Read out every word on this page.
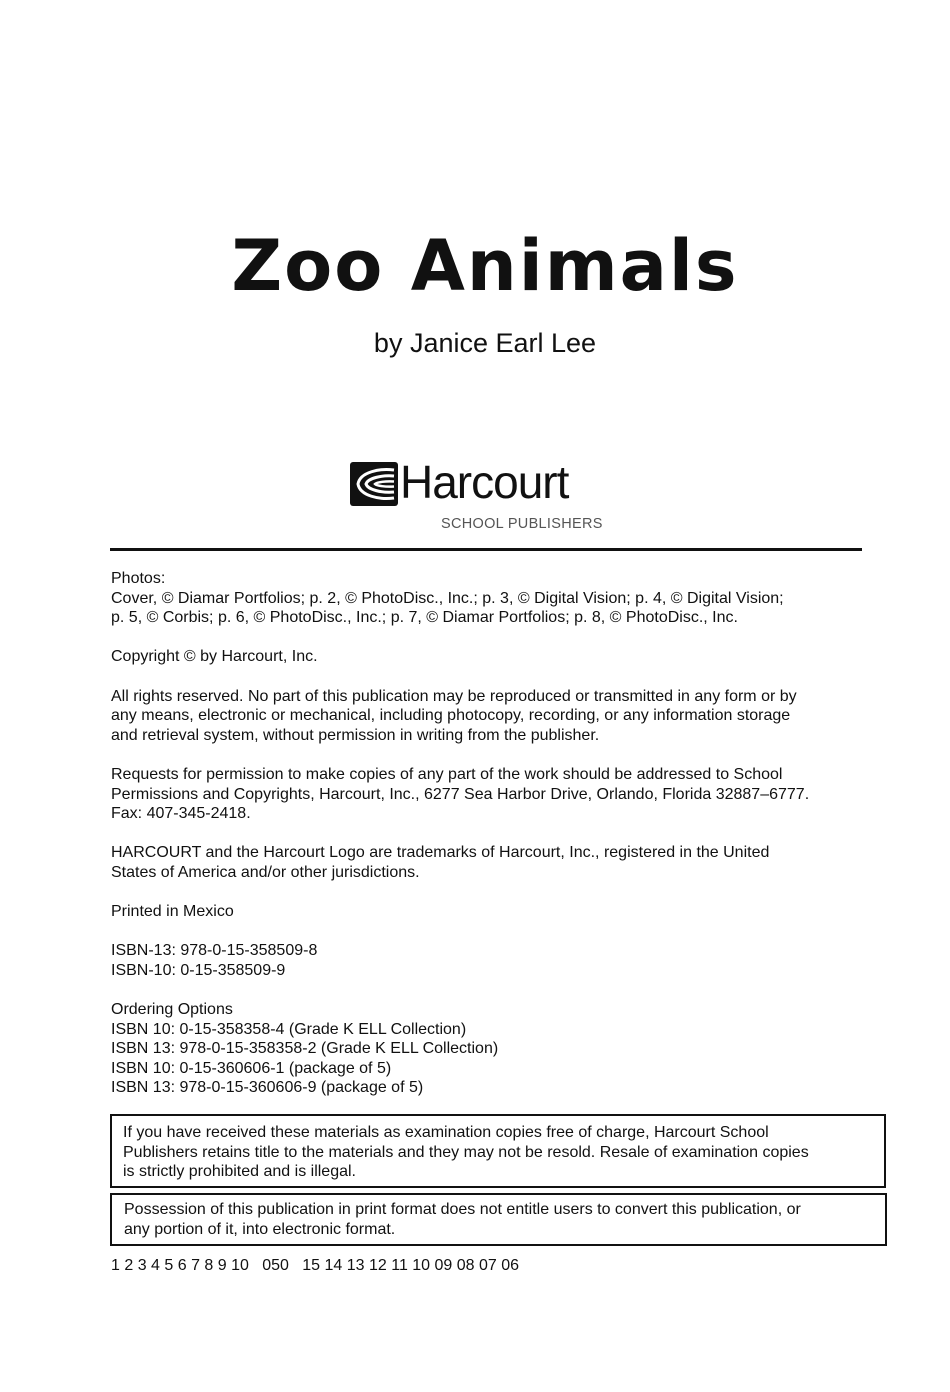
Zoo Animals
by Janice Earl Lee
Harcourt
SCHOOL PUBLISHERS

Photos:
Cover, © Diamar Portfolios; p. 2, © PhotoDisc., Inc.; p. 3, © Digital Vision; p. 4, © Digital Vision;
p. 5, © Corbis; p. 6, © PhotoDisc., Inc.; p. 7, © Diamar Portfolios; p. 8, © PhotoDisc., Inc.

Copyright © by Harcourt, Inc.

All rights reserved. No part of this publication may be reproduced or transmitted in any form or by
any means, electronic or mechanical, including photocopy, recording, or any information storage
and retrieval system, without permission in writing from the publisher.

Requests for permission to make copies of any part of the work should be addressed to School
Permissions and Copyrights, Harcourt, Inc., 6277 Sea Harbor Drive, Orlando, Florida 32887–6777.
Fax: 407-345-2418.

HARCOURT and the Harcourt Logo are trademarks of Harcourt, Inc., registered in the United
States of America and/or other jurisdictions.

Printed in Mexico

ISBN-13: 978-0-15-358509-8
ISBN-10: 0-15-358509-9

Ordering Options
ISBN 10: 0-15-358358-4 (Grade K ELL Collection)
ISBN 13: 978-0-15-358358-2 (Grade K ELL Collection)
ISBN 10: 0-15-360606-1 (package of 5)
ISBN 13: 978-0-15-360606-9 (package of 5)

If you have received these materials as examination copies free of charge, Harcourt School
Publishers retains title to the materials and they may not be resold. Resale of examination copies
is strictly prohibited and is illegal.
Possession of this publication in print format does not entitle users to convert this publication, or
any portion of it, into electronic format.
1 2 3 4 5 6 7 8 9 10   050   15 14 13 12 11 10 09 08 07 06
